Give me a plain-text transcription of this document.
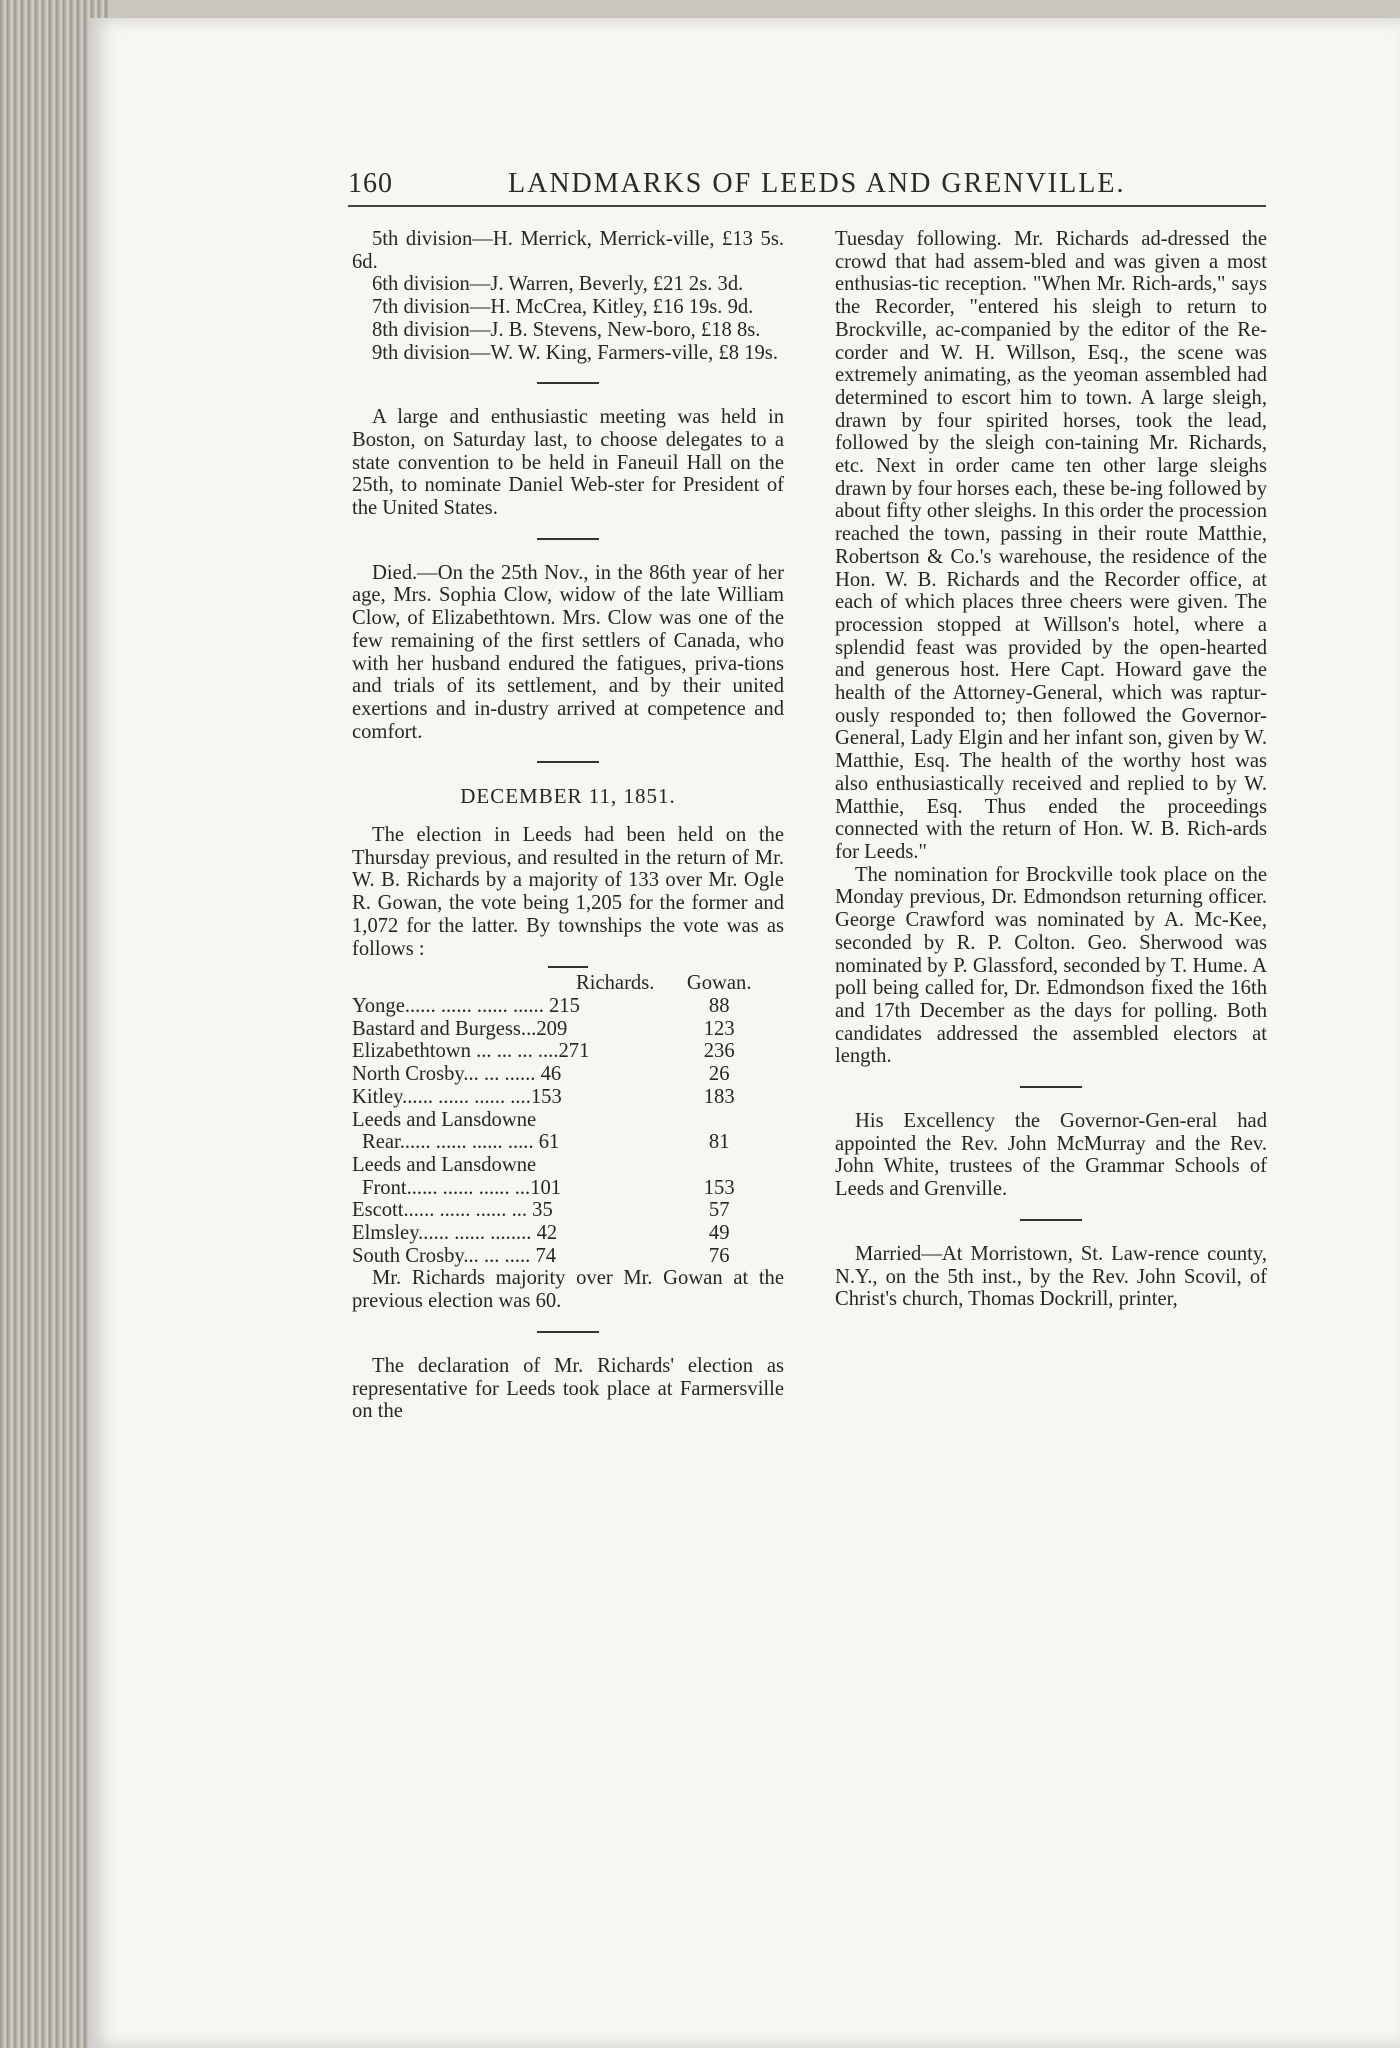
160	LANDMARKS OF LEEDS AND GRENVILLE.

5th division—H. Merrick, Merrick-ville, £13 5s. 6d.

6th division—J. Warren, Beverly, £21 2s. 3d.

7th division—H. McCrea, Kitley, £16 19s. 9d.

8th division—J. B. Stevens, New-boro, £18 8s.

9th division—W. W. King, Farmers-ville, £8 19s.

A large and enthusiastic meeting was held in Boston, on Saturday last, to choose delegates to a state convention to be held in Faneuil Hall on the 25th, to nominate Daniel Web-ster for President of the United States.

Died.—On the 25th Nov., in the 86th year of her age, Mrs. Sophia Clow, widow of the late William Clow, of Elizabethtown. Mrs. Clow was one of the few remaining of the first settlers of Canada, who with her husband endured the fatigues, priva-tions and trials of its settlement, and by their united exertions and in-dustry arrived at competence and comfort.

DECEMBER 11, 1851.

The election in Leeds had been held on the Thursday previous, and resulted in the return of Mr. W. B. Richards by a majority of 133 over Mr. Ogle R. Gowan, the vote being 1,205 for the former and 1,072 for the latter. By townships the vote was as follows :

Richards.	Gowan.
Yonge...... ...... ...... ...... 215	88
Bastard and Burgess...209	123
Elizabethtown ... ... ... ....271	236
North Crosby... ... ...... 46	26
Kitley...... ...... ...... ....153	183
Leeds and Lansdowne	
Rear...... ...... ...... ..... 61	81
Leeds and Lansdowne	
Front...... ...... ...... ...101	153
Escott...... ...... ...... ... 35	57
Elmsley...... ...... ........ 42	49
South Crosby... ... ..... 74	76

Mr. Richards majority over Mr. Gowan at the previous election was 60.

The declaration of Mr. Richards' election as representative for Leeds took place at Farmersville on the

Tuesday following. Mr. Richards ad-dressed the crowd that had assem-bled and was given a most enthusias-tic reception. "When Mr. Rich-ards," says the Recorder, "entered his sleigh to return to Brockville, ac-companied by the editor of the Re-corder and W. H. Willson, Esq., the scene was extremely animating, as the yeoman assembled had determined to escort him to town. A large sleigh, drawn by four spirited horses, took the lead, followed by the sleigh con-taining Mr. Richards, etc. Next in order came ten other large sleighs drawn by four horses each, these be-ing followed by about fifty other sleighs. In this order the procession reached the town, passing in their route Matthie, Robertson & Co.'s warehouse, the residence of the Hon. W. B. Richards and the Recorder office, at each of which places three cheers were given. The procession stopped at Willson's hotel, where a splendid feast was provided by the open-hearted and generous host. Here Capt. Howard gave the health of the Attorney-General, which was raptur-ously responded to; then followed the Governor-General, Lady Elgin and her infant son, given by W. Matthie, Esq. The health of the worthy host was also enthusiastically received and replied to by W. Matthie, Esq. Thus ended the proceedings connected with the return of Hon. W. B. Rich-ards for Leeds."

The nomination for Brockville took place on the Monday previous, Dr. Edmondson returning officer. George Crawford was nominated by A. Mc-Kee, seconded by R. P. Colton. Geo. Sherwood was nominated by P. Glassford, seconded by T. Hume. A poll being called for, Dr. Edmondson fixed the 16th and 17th December as the days for polling. Both candidates addressed the assembled electors at length.

His Excellency the Governor-Gen-eral had appointed the Rev. John McMurray and the Rev. John White, trustees of the Grammar Schools of Leeds and Grenville.

Married—At Morristown, St. Law-rence county, N.Y., on the 5th inst., by the Rev. John Scovil, of Christ's church, Thomas Dockrill, printer,
